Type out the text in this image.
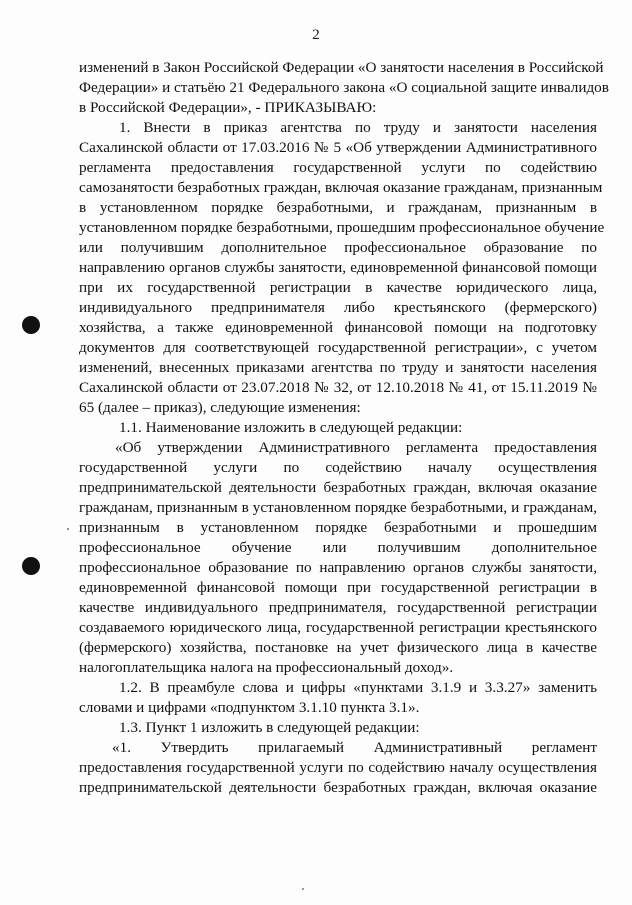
2
изменений в Закон Российской Федерации «О занятости населения в Российской
Федерации» и статьёю 21 Федерального закона «О социальной защите инвалидов
в Российской Федерации», - ПРИКАЗЫВАЮ:
1. Внести в приказ агентства по труду и занятости населения
Сахалинской области от 17.03.2016 № 5 «Об утверждении Административного
регламента предоставления государственной услуги по содействию
самозанятости безработных граждан, включая оказание гражданам, признанным
в установленном порядке безработными, и гражданам, признанным в
установленном порядке безработными, прошедшим профессиональное обучение
или получившим дополнительное профессиональное образование по
направлению органов службы занятости, единовременной финансовой помощи
при их государственной регистрации в качестве юридического лица,
индивидуального предпринимателя либо крестьянского (фермерского)
хозяйства, а также единовременной финансовой помощи на подготовку
документов для соответствующей государственной регистрации», с учетом
изменений, внесенных приказами агентства по труду и занятости населения
Сахалинской области от 23.07.2018 № 32, от 12.10.2018 № 41, от 15.11.2019 №
65 (далее – приказ), следующие изменения:
1.1. Наименование изложить в следующей редакции:
«Об утверждении Административного регламента предоставления
государственной услуги по содействию началу осуществления
предпринимательской деятельности безработных граждан, включая оказание
гражданам, признанным в установленном порядке безработными, и гражданам,
признанным в установленном порядке безработными и прошедшим
профессиональное обучение или получившим дополнительное
профессиональное образование по направлению органов службы занятости,
единовременной финансовой помощи при государственной регистрации в
качестве индивидуального предпринимателя, государственной регистрации
создаваемого юридического лица, государственной регистрации крестьянского
(фермерского) хозяйства, постановке на учет физического лица в качестве
налогоплательщика налога на профессиональный доход».
1.2. В преамбуле слова и цифры «пунктами 3.1.9 и 3.3.27» заменить
словами и цифрами «подпунктом 3.1.10 пункта 3.1».
1.3. Пункт 1 изложить в следующей редакции:
«1. Утвердить прилагаемый Административный регламент
предоставления государственной услуги по содействию началу осуществления
предпринимательской деятельности безработных граждан, включая оказание
